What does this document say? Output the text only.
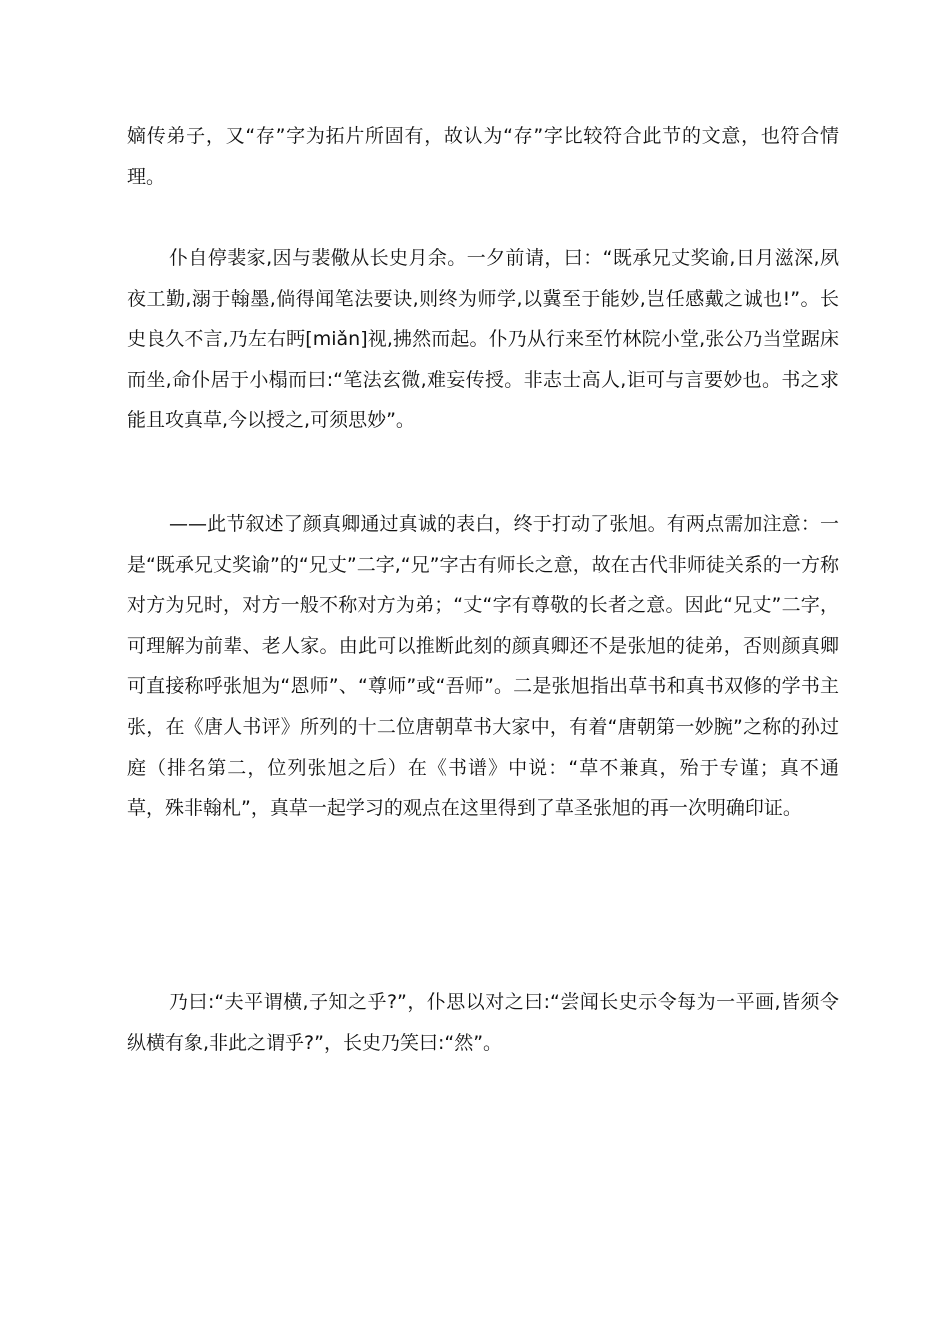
嫡传弟子，又“存”字为拓片所固有，故认为“存”字比较符合此节的文意，也符合情理。

仆自停裴家,因与裴儆从长史月余。一夕前请，曰：“既承兄丈奖谕,日月滋深,夙夜工勤,溺于翰墨,倘得闻笔法要诀,则终为师学,以冀至于能妙,岂任感戴之诚也!”。长史良久不言,乃左右眄[miǎn]视,拂然而起。仆乃从行来至竹林院小堂,张公乃当堂踞床而坐,命仆居于小榻而曰:“笔法玄微,难妄传授。非志士高人,讵可与言要妙也。书之求能且攻真草,今以授之,可须思妙”。

——此节叙述了颜真卿通过真诚的表白，终于打动了张旭。有两点需加注意：一是“既承兄丈奖谕”的“兄丈”二字,“兄”字古有师长之意，故在古代非师徒关系的一方称对方为兄时，对方一般不称对方为弟；“丈“字有尊敬的长者之意。因此“兄丈”二字，可理解为前辈、老人家。由此可以推断此刻的颜真卿还不是张旭的徒弟，否则颜真卿可直接称呼张旭为“恩师”、“尊师”或“吾师”。二是张旭指出草书和真书双修的学书主张，在《唐人书评》所列的十二位唐朝草书大家中，有着“唐朝第一妙腕”之称的孙过庭（排名第二，位列张旭之后）在《书谱》中说：“草不兼真，殆于专谨；真不通草，殊非翰札”，真草一起学习的观点在这里得到了草圣张旭的再一次明确印证。

乃曰:“夫平谓横,子知之乎?”，仆思以对之曰:“尝闻长史示令每为一平画,皆须令纵横有象,非此之谓乎?”，长史乃笑曰:“然”。
